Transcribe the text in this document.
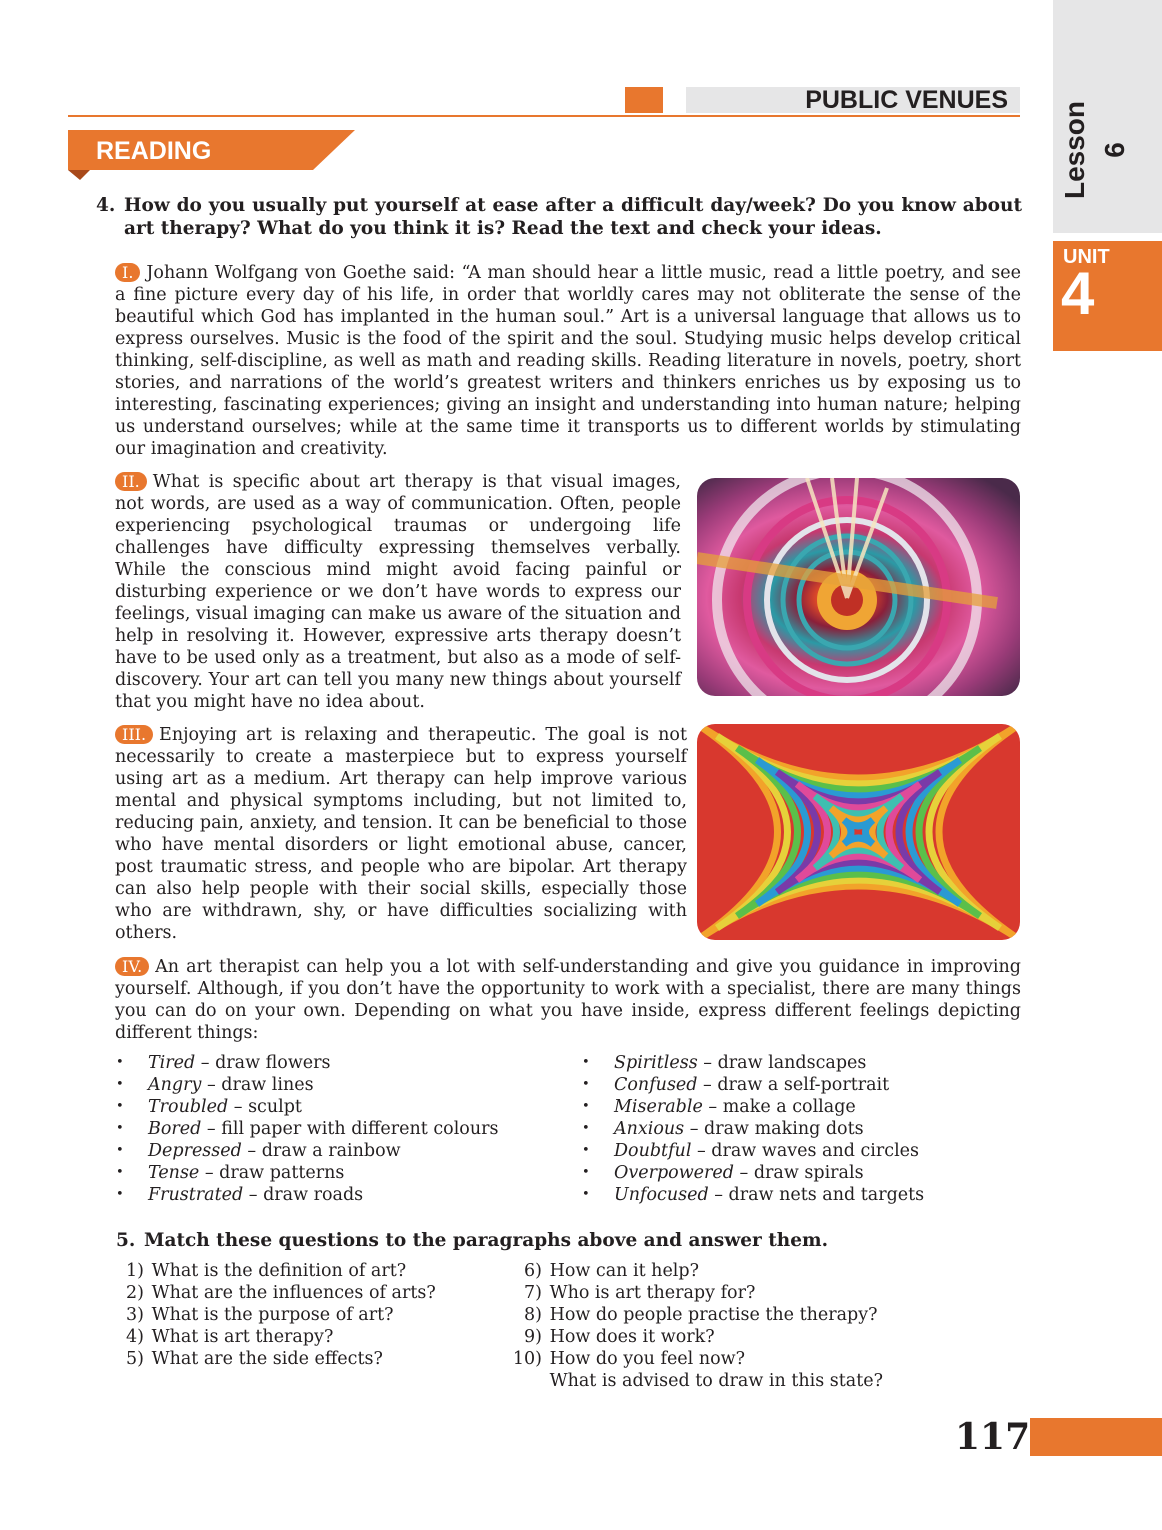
Lesson 6
UNIT
4
PUBLIC VENUES
READING
4. How do you usually put yourself at ease after a difficult day/week? Do you know about art therapy? What do you think it is? Read the text and check your ideas.

I. Johann Wolfgang von Goethe said: “A man should hear a little music, read a little poetry, and see a fine picture every day of his life, in order that worldly cares may not obliterate the sense of the beautiful which God has implanted in the human soul.” Art is a universal language that allows us to express ourselves. Music is the food of the spirit and the soul. Studying music helps develop critical thinking, self-discipline, as well as math and reading skills. Reading literature in novels, poetry, short stories, and narrations of the world’s greatest writers and thinkers enriches us by exposing us to interesting, fascinating experiences; giving an insight and understanding into human nature; helping us understand ourselves; while at the same time it transports us to different worlds by stimulating our imagination and creativity.

II. What is specific about art therapy is that visual images, not words, are used as a way of communication. Often, people experiencing psychological traumas or undergoing life challenges have difficulty expressing themselves verbally. While the conscious mind might avoid facing painful or disturbing experience or we don’t have words to express our feelings, visual imaging can make us aware of the situation and help in resolving it. However, expressive arts therapy doesn’t have to be used only as a treatment, but also as a mode of self-discovery. Your art can tell you many new things about yourself that you might have no idea about.

III. Enjoying art is relaxing and therapeutic. The goal is not necessarily to create a masterpiece but to express yourself using art as a medium. Art therapy can help improve various mental and physical symptoms including, but not limited to, reducing pain, anxiety, and tension. It can be beneficial to those who have mental disorders or light emotional abuse, cancer, post traumatic stress, and people who are bipolar. Art therapy can also help people with their social skills, especially those who are withdrawn, shy, or have difficulties socializing with others.

IV. An art therapist can help you a lot with self-understanding and give you guidance in improving yourself. Although, if you don’t have the opportunity to work with a specialist, there are many things you can do on your own. Depending on what you have inside, express different feelings depicting different things:

• Tired – draw flowers
• Angry – draw lines
• Troubled – sculpt
• Bored – fill paper with different colours
• Depressed – draw a rainbow
• Tense – draw patterns
• Frustrated – draw roads
• Spiritless – draw landscapes
• Confused – draw a self-portrait
• Miserable – make a collage
• Anxious – draw making dots
• Doubtful – draw waves and circles
• Overpowered – draw spirals
• Unfocused – draw nets and targets
5. Match these questions to the paragraphs above and answer them.
1) What is the definition of art?
2) What are the influences of arts?
3) What is the purpose of art?
4) What is art therapy?
5) What are the side effects?
6) How can it help?
7) Who is art therapy for?
8) How do people practise the therapy?
9) How does it work?
10) How do you feel now?
What is advised to draw in this state?
117
